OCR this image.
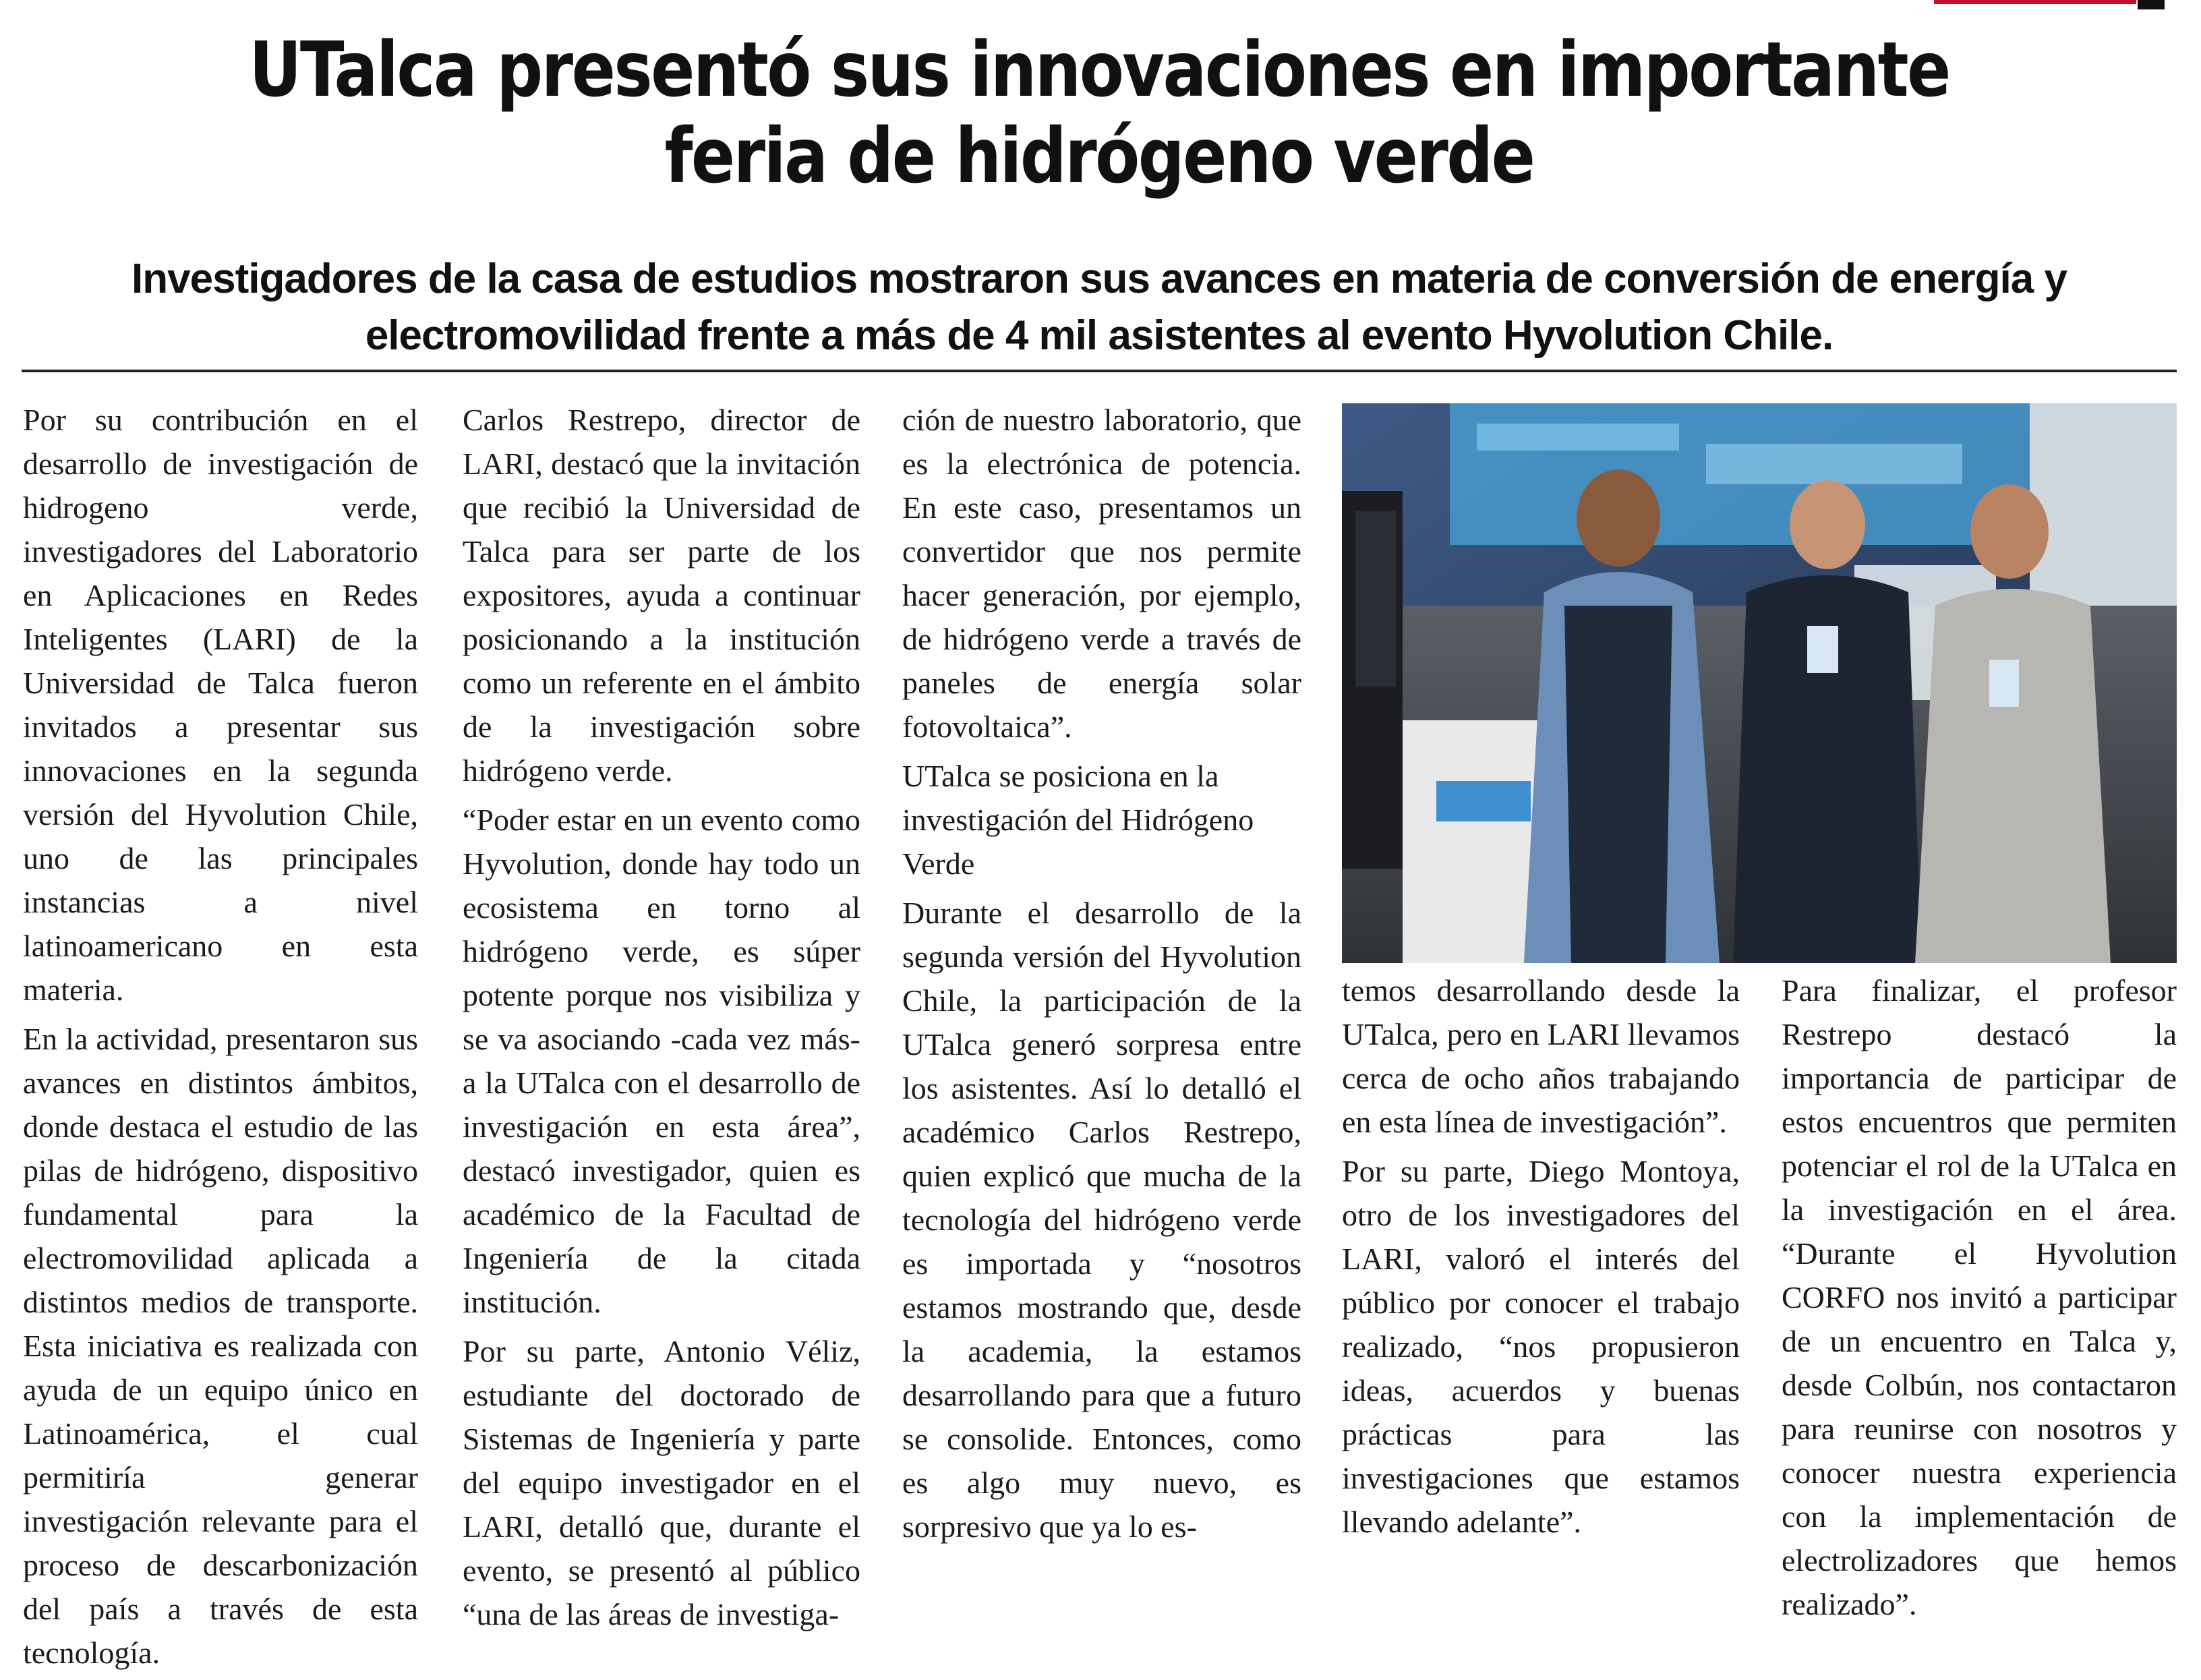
UTalca presentó sus innovaciones en importante feria de hidrógeno verde
Investigadores de la casa de estudios mostraron sus avances en materia de conversión de energía y electromovilidad frente a más de 4 mil asistentes al evento Hyvolution Chile.

Por su contribución en el desarrollo de investigación de hidrogeno verde, investigadores del Laboratorio en Aplicaciones en Redes Inteligentes (LARI) de la Universidad de Talca fueron invitados a presentar sus innovaciones en la segunda versión del Hyvolution Chile, uno de las principales instancias a nivel latinoamericano en esta materia.

En la actividad, presentaron sus avances en distintos ámbitos, donde destaca el estudio de las pilas de hidrógeno, dispositivo fundamental para la electromovilidad aplicada a distintos medios de transporte. Esta iniciativa es realizada con ayuda de un equipo único en Latinoamérica, el cual permitiría generar investigación relevante para el proceso de descarbonización del país a través de esta tecnología.

Carlos Restrepo, director de LARI, destacó que la invitación que recibió la Universidad de Talca para ser parte de los expositores, ayuda a continuar posicionando a la institución como un referente en el ámbito de la investigación sobre hidrógeno verde.

“Poder estar en un evento como Hyvolution, donde hay todo un ecosistema en torno al hidrógeno verde, es súper potente porque nos visibiliza y se va asociando -cada vez más- a la UTalca con el desarrollo de investigación en esta área”, destacó investigador, quien es académico de la Facultad de Ingeniería de la citada institución.

Por su parte, Antonio Véliz, estudiante del doctorado de Sistemas de Ingeniería y parte del equipo investigador en el LARI, detalló que, durante el evento, se presentó al público “una de las áreas de investiga-

ción de nuestro laboratorio, que es la electrónica de potencia. En este caso, presentamos un convertidor que nos permite hacer generación, por ejemplo, de hidrógeno verde a través de paneles de energía solar fotovoltaica”.

UTalca se posiciona en la investigación del Hidrógeno Verde

Durante el desarrollo de la segunda versión del Hyvolution Chile, la participación de la UTalca generó sorpresa entre los asistentes. Así lo detalló el académico Carlos Restrepo, quien explicó que mucha de la tecnología del hidrógeno verde es importada y “nosotros estamos mostrando que, desde la academia, la estamos desarrollando para que a futuro se consolide. Entonces, como es algo muy nuevo, es sorpresivo que ya lo es-

temos desarrollando desde la UTalca, pero en LARI llevamos cerca de ocho años trabajando en esta línea de investigación”.

Por su parte, Diego Montoya, otro de los investigadores del LARI, valoró el interés del público por conocer el trabajo realizado, “nos propusieron ideas, acuerdos y buenas prácticas para las investigaciones que estamos llevando adelante”.

Para finalizar, el profesor Restrepo destacó la importancia de participar de estos encuentros que permiten potenciar el rol de la UTalca en la investigación en el área. “Durante el Hyvolution CORFO nos invitó a participar de un encuentro en Talca y, desde Colbún, nos contactaron para reunirse con nosotros y conocer nuestra experiencia con la implementación de electrolizadores que hemos realizado”.
